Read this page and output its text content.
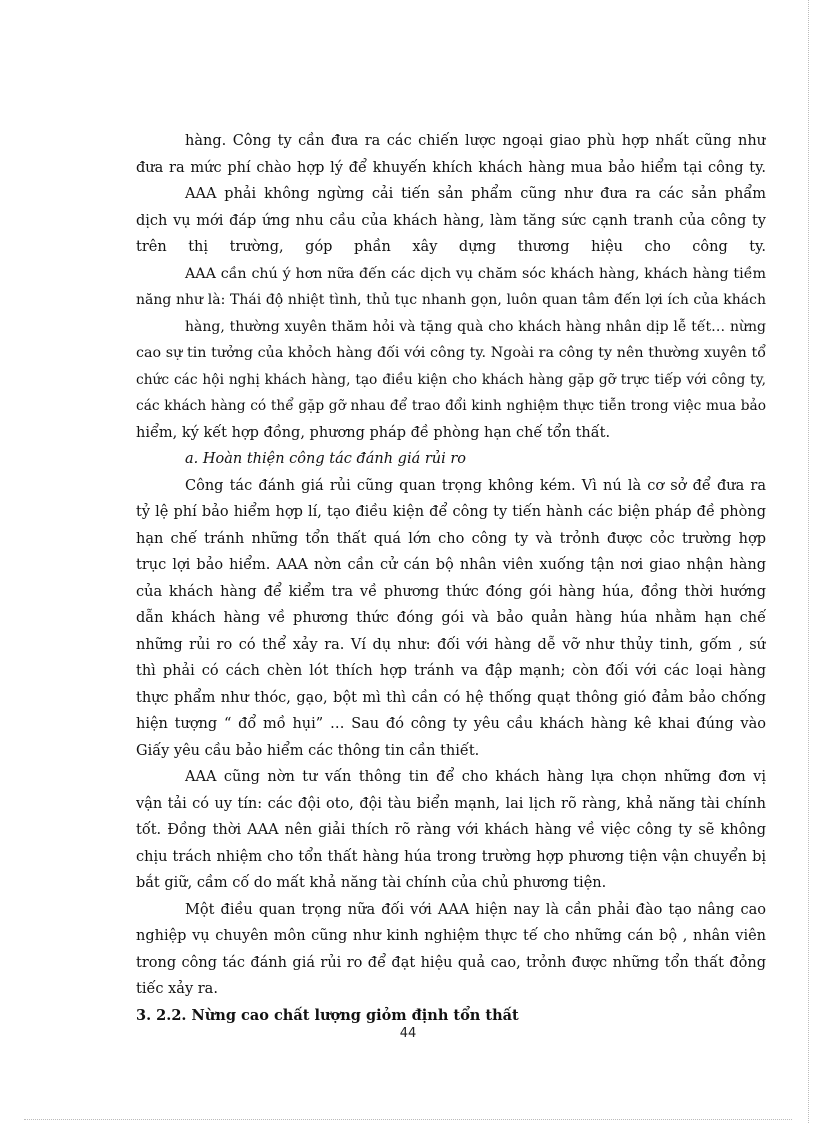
hàng. Công ty cần đưa ra các chiến lược ngoại giao phù hợp nhất cũng như
đưa ra mức phí chào hợp lý để khuyến khích khách hàng mua bảo hiểm tại công ty.
AAA phải không ngừng cải tiến sản phẩm cũng như đưa ra các sản phẩm
dịch vụ mới đáp ứng nhu cầu của khách hàng, làm tăng sức cạnh tranh của công ty
trên thị trường, góp phần xây dựng thương hiệu cho công ty.
AAA cần chú ý hơn nữa đến các dịch vụ chăm sóc khách hàng, khách hàng tiềm
năng như là: Thái độ nhiệt tình, thủ tục nhanh gọn, luôn quan tâm đến lợi ích của khách
hàng, thường xuyên thăm hỏi và tặng quà cho khách hàng nhân dịp lễ tết… nừng
cao sự tin tưởng của khỏch hàng đối với công ty. Ngoài ra công ty nên thường xuyên tổ
chức các hội nghị khách hàng, tạo điều kiện cho khách hàng gặp gỡ trực tiếp với công ty,
các khách hàng có thể gặp gỡ nhau để trao đổi kinh nghiệm thực tiễn trong việc mua bảo
hiểm, ký kết hợp đồng, phương pháp đề phòng hạn chế tổn thất.
a. Hoàn thiện công tác đánh giá rủi ro
Công tác đánh giá rủi cũng quan trọng không kém. Vì nú là cơ sở để đưa ra
tỷ lệ phí bảo hiểm hợp lí, tạo điều kiện để công ty tiến hành các biện pháp đề phòng
hạn chế tránh những tổn thất quá lớn cho công ty và trỏnh được cỏc trường hợp
trục lợi bảo hiểm. AAA nờn cần cử cán bộ nhân viên xuống tận nơi giao nhận hàng
của khách hàng để kiểm tra về phương thức đóng gói hàng húa, đồng thời hướng
dẫn khách hàng về phương thức đóng gói và bảo quản hàng húa nhằm hạn chế
những rủi ro có thể xảy ra. Ví dụ như: đối với hàng dễ vỡ như thủy tinh, gốm , sứ
thì phải có cách chèn lót thích hợp tránh va đập mạnh; còn đối với các loại hàng
thực phẩm như thóc, gạo, bột mì thì cần có hệ thống quạt thông gió đảm bảo chống
hiện tượng “ đổ mồ hụi” … Sau đó công ty yêu cầu khách hàng kê khai đúng vào
Giấy yêu cầu bảo hiểm các thông tin cần thiết.
AAA cũng nờn tư vấn thông tin để cho khách hàng lựa chọn những đơn vị
vận tải có uy tín: các đội oto, đội tàu biển mạnh, lai lịch rõ ràng, khả năng tài chính
tốt. Đồng thời AAA nên giải thích rõ ràng với khách hàng về việc công ty sẽ không
chịu trách nhiệm cho tổn thất hàng húa trong trường hợp phương tiện vận chuyển bị
bắt giữ, cầm cố do mất khả năng tài chính của chủ phương tiện.
Một điều quan trọng nữa đối với AAA hiện nay là cần phải đào tạo nâng cao
nghiệp vụ chuyên môn cũng như kinh nghiệm thực tế cho những cán bộ , nhân viên
trong công tác đánh giá rủi ro để đạt hiệu quả cao, trỏnh được những tổn thất đỏng
tiếc xảy ra.
3. 2.2. Nừng cao chất lượng giỏm định tổn thất
44
